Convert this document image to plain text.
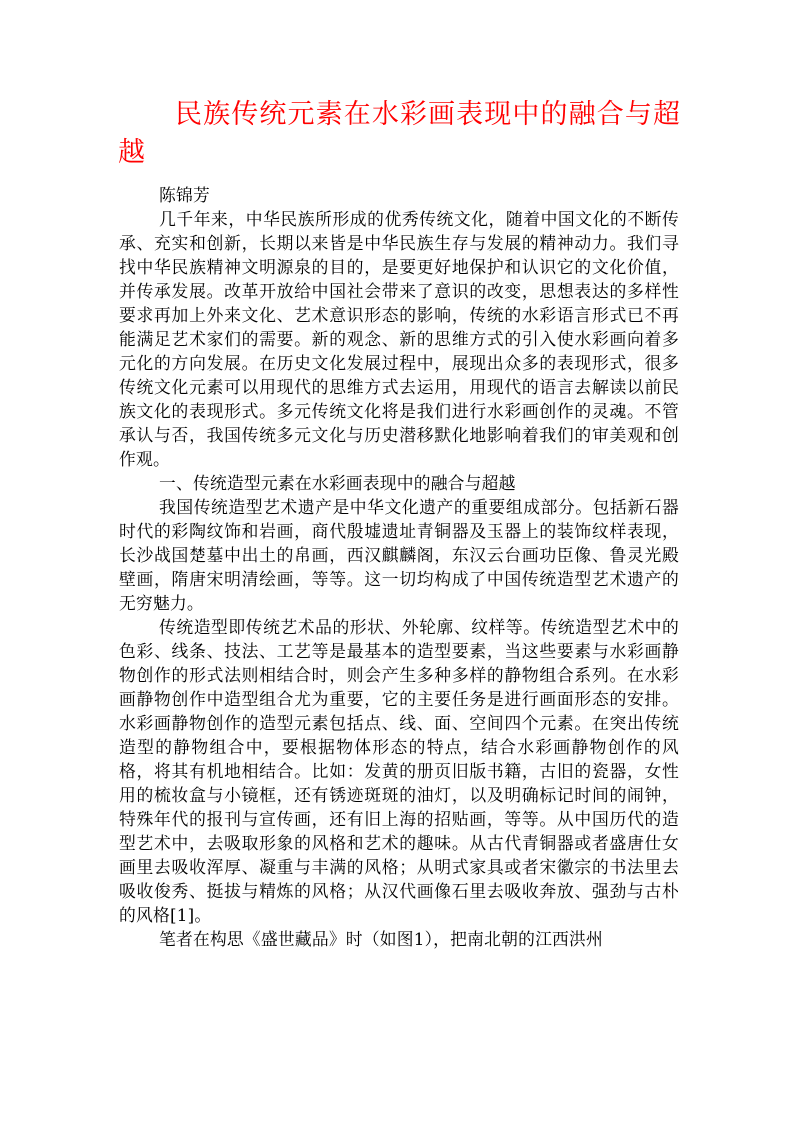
民族传统元素在水彩画表现中的融合与超越

陈锦芳

几千年来，中华民族所形成的优秀传统文化，随着中国文化的不断传承、充实和创新，长期以来皆是中华民族生存与发展的精神动力。我们寻找中华民族精神文明源泉的目的，是要更好地保护和认识它的文化价值，并传承发展。改革开放给中国社会带来了意识的改变，思想表达的多样性要求再加上外来文化、艺术意识形态的影响，传统的水彩语言形式已不再能满足艺术家们的需要。新的观念、新的思维方式的引入使水彩画向着多元化的方向发展。在历史文化发展过程中，展现出众多的表现形式，很多传统文化元素可以用现代的思维方式去运用，用现代的语言去解读以前民族文化的表现形式。多元传统文化将是我们进行水彩画创作的灵魂。不管承认与否，我国传统多元文化与历史潜移默化地影响着我们的审美观和创作观。

一、传统造型元素在水彩画表现中的融合与超越

我国传统造型艺术遗产是中华文化遗产的重要组成部分。包括新石器时代的彩陶纹饰和岩画，商代殷墟遗址青铜器及玉器上的装饰纹样表现，长沙战国楚墓中出土的帛画，西汉麒麟阁，东汉云台画功臣像、鲁灵光殿壁画，隋唐宋明清绘画，等等。这一切均构成了中国传统造型艺术遗产的无穷魅力。

传统造型即传统艺术品的形状、外轮廓、纹样等。传统造型艺术中的色彩、线条、技法、工艺等是最基本的造型要素，当这些要素与水彩画静物创作的形式法则相结合时，则会产生多种多样的静物组合系列。在水彩画静物创作中造型组合尤为重要，它的主要任务是进行画面形态的安排。水彩画静物创作的造型元素包括点、线、面、空间四个元素。在突出传统造型的静物组合中，要根据物体形态的特点，结合水彩画静物创作的风格，将其有机地相结合。比如：发黄的册页旧版书籍，古旧的瓷器，女性用的梳妆盒与小镜框，还有锈迹斑斑的油灯，以及明确标记时间的闹钟，特殊年代的报刊与宣传画，还有旧上海的招贴画，等等。从中国历代的造型艺术中，去吸取形象的风格和艺术的趣味。从古代青铜器或者盛唐仕女画里去吸收浑厚、凝重与丰满的风格；从明式家具或者宋徽宗的书法里去吸收俊秀、挺拔与精炼的风格；从汉代画像石里去吸收奔放、强劲与古朴的风格[1]。

笔者在构思《盛世藏品》时（如图1），把南北朝的江西洪州
